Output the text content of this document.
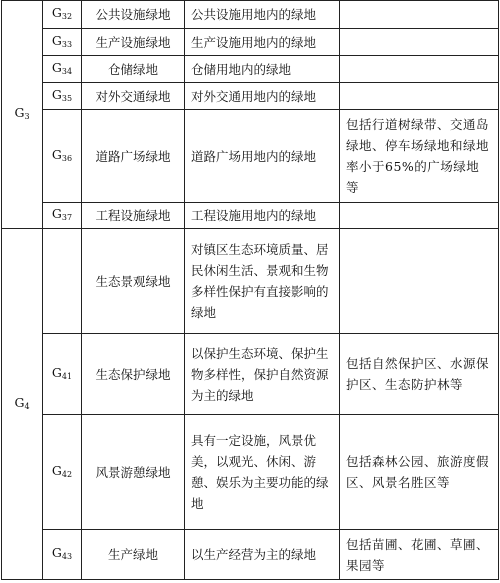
$G_3$	$G_{32}$	公共设施绿地	公共设施用地内的绿地	
	$G_{33}$	生产设施绿地	生产设施用地内的绿地	
	$G_{34}$	仓储绿地	仓储用地内的绿地	
	$G_{35}$	对外交通绿地	对外交通用地内的绿地	
	$G_{36}$	道路广场绿地	道路广场用地内的绿地	包括行道树绿带、交通岛绿地、停车场绿地和绿地率小于65%的广场绿地等
	$G_{37}$	工程设施绿地	工程设施用地内的绿地	
$G_4$		生态景观绿地	对镇区生态环境质量、居民休闲生活、景观和生物多样性保护有直接影响的绿地	
	$G_{41}$	生态保护绿地	以保护生态环境、保护生物多样性，保护自然资源为主的绿地	包括自然保护区、水源保护区、生态防护林等
	$G_{42}$	风景游憩绿地	具有一定设施，风景优美，以观光、休闲、游憩、娱乐为主要功能的绿地	包括森林公园、旅游度假区、风景名胜区等
	$G_{43}$	生产绿地	以生产经营为主的绿地	包括苗圃、花圃、草圃、果园等
